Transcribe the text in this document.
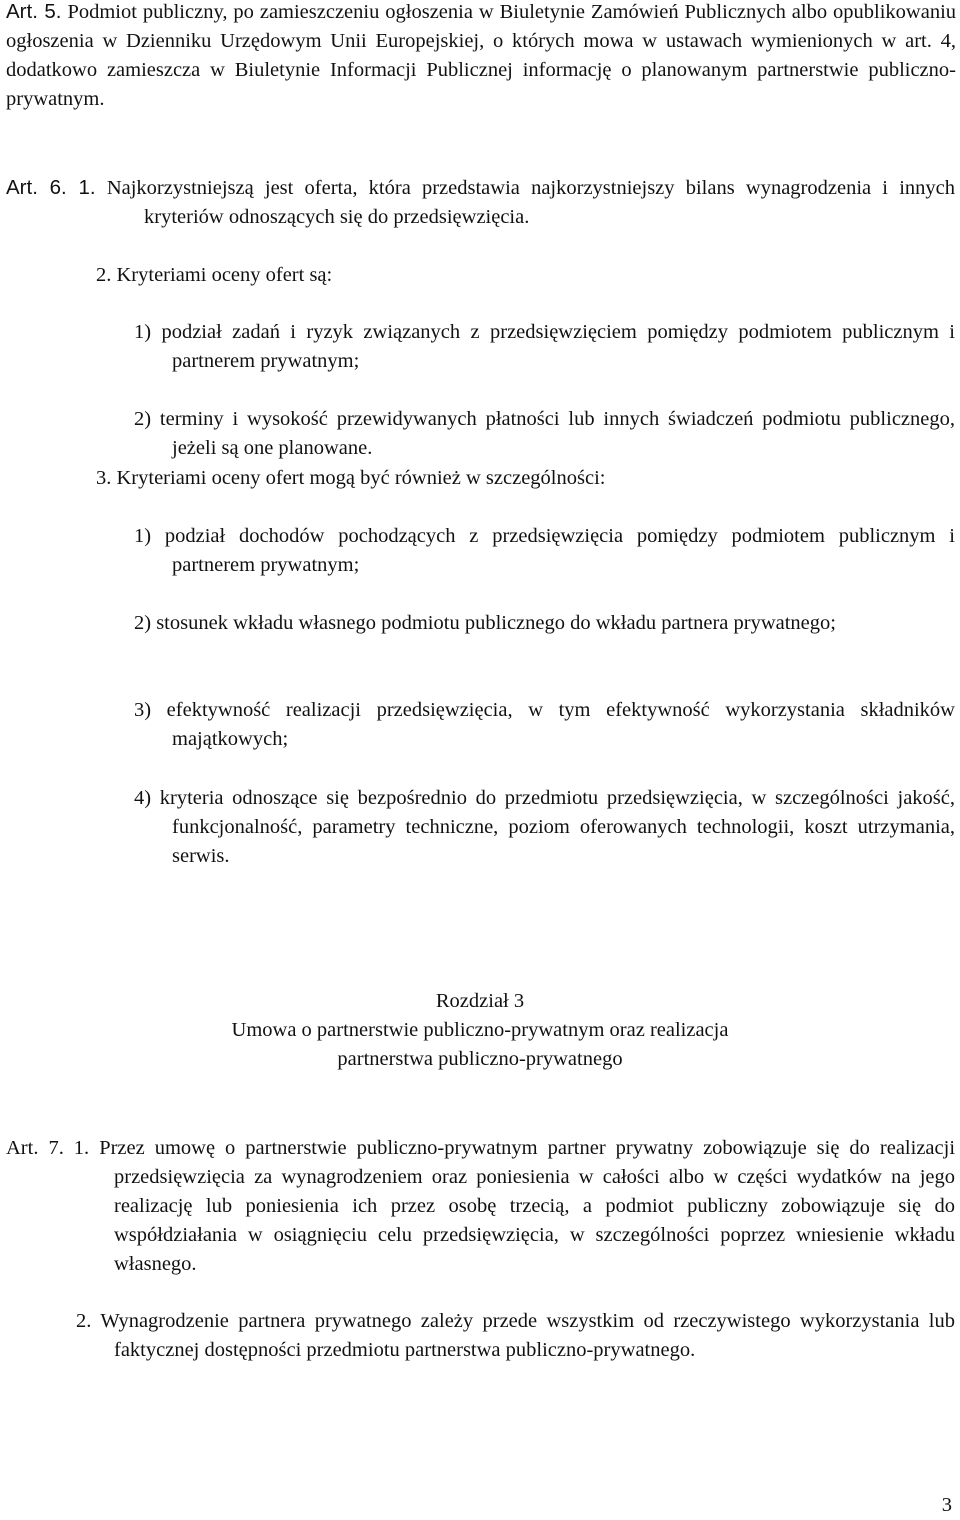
Art. 5. Podmiot publiczny, po zamieszczeniu ogłoszenia w Biuletynie Zamówień Publicznych albo opublikowaniu ogłoszenia w Dzienniku Urzędowym Unii Europejskiej, o których mowa w ustawach wymienionych w art. 4, dodatkowo zamieszcza w Biuletynie Informacji Publicznej informację o planowanym partnerstwie publiczno-prywatnym.

Art. 6. 1. Najkorzystniejszą jest oferta, która przedstawia najkorzystniejszy bilans wynagrodzenia i innych kryteriów odnoszących się do przedsięwzięcia.

2. Kryteriami oceny ofert są:

1) podział zadań i ryzyk związanych z przedsięwzięciem pomiędzy podmiotem publicznym i partnerem prywatnym;

2) terminy i wysokość przewidywanych płatności lub innych świadczeń podmiotu publicznego, jeżeli są one planowane.

3. Kryteriami oceny ofert mogą być również w szczególności:

1) podział dochodów pochodzących z przedsięwzięcia pomiędzy podmiotem publicznym i partnerem prywatnym;

2) stosunek wkładu własnego podmiotu publicznego do wkładu partnera prywatnego;

3) efektywność realizacji przedsięwzięcia, w tym efektywność wykorzystania składników majątkowych;

4) kryteria odnoszące się bezpośrednio do przedmiotu przedsięwzięcia, w szczególności jakość, funkcjonalność, parametry techniczne, poziom oferowanych technologii, koszt utrzymania, serwis.

Rozdział 3

Umowa o partnerstwie publiczno-prywatnym oraz realizacja

partnerstwa publiczno-prywatnego

Art. 7. 1. Przez umowę o partnerstwie publiczno-prywatnym partner prywatny zobowiązuje się do realizacji przedsięwzięcia za wynagrodzeniem oraz poniesienia w całości albo w części wydatków na jego realizację lub poniesienia ich przez osobę trzecią, a podmiot publiczny zobowiązuje się do współdziałania w osiągnięciu celu przedsięwzięcia, w szczególności poprzez wniesienie wkładu własnego.

2. Wynagrodzenie partnera prywatnego zależy przede wszystkim od rzeczywistego wykorzystania lub faktycznej dostępności przedmiotu partnerstwa publiczno-prywatnego.

3
